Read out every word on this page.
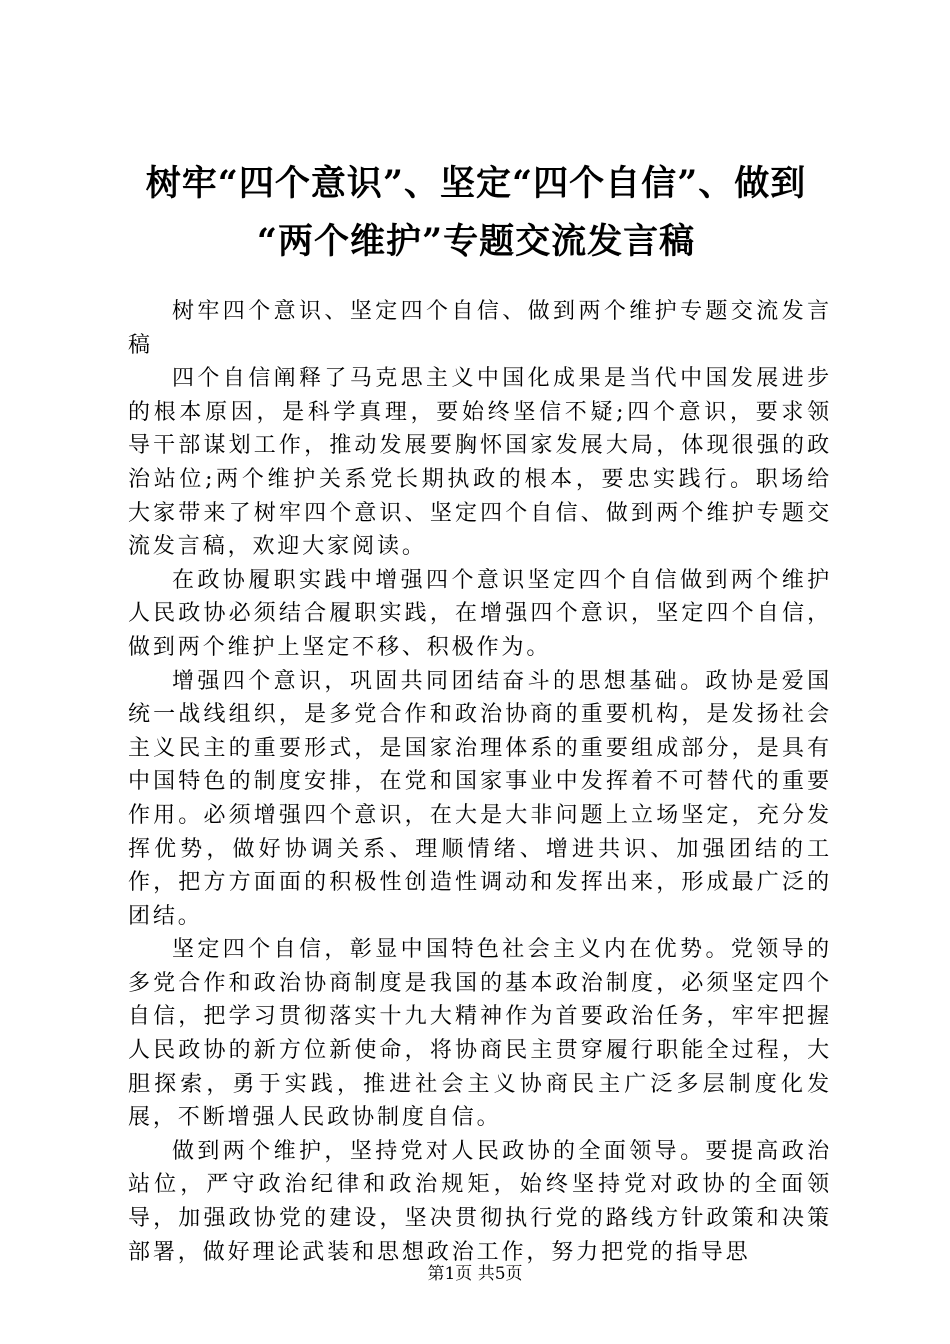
树牢“四个意识”、坚定“四个自信”、做到
“两个维护”专题交流发言稿

树牢四个意识、坚定四个自信、做到两个维护专题交流发言稿

四个自信阐释了马克思主义中国化成果是当代中国发展进步的根本原因，是科学真理，要始终坚信不疑;四个意识，要求领导干部谋划工作，推动发展要胸怀国家发展大局，体现很强的政治站位;两个维护关系党长期执政的根本，要忠实践行。职场给大家带来了树牢四个意识、坚定四个自信、做到两个维护专题交流发言稿，欢迎大家阅读。

在政协履职实践中增强四个意识坚定四个自信做到两个维护人民政协必须结合履职实践，在增强四个意识，坚定四个自信，做到两个维护上坚定不移、积极作为。

增强四个意识，巩固共同团结奋斗的思想基础。政协是爱国统一战线组织，是多党合作和政治协商的重要机构，是发扬社会主义民主的重要形式，是国家治理体系的重要组成部分，是具有中国特色的制度安排，在党和国家事业中发挥着不可替代的重要作用。必须增强四个意识，在大是大非问题上立场坚定，充分发挥优势，做好协调关系、理顺情绪、增进共识、加强团结的工作，把方方面面的积极性创造性调动和发挥出来，形成最广泛的团结。

坚定四个自信，彰显中国特色社会主义内在优势。党领导的多党合作和政治协商制度是我国的基本政治制度，必须坚定四个自信，把学习贯彻落实十九大精神作为首要政治任务，牢牢把握人民政协的新方位新使命，将协商民主贯穿履行职能全过程，大胆探索，勇于实践，推进社会主义协商民主广泛多层制度化发展，不断增强人民政协制度自信。

做到两个维护，坚持党对人民政协的全面领导。要提高政治站位，严守政治纪律和政治规矩，始终坚持党对政协的全面领导，加强政协党的建设，坚决贯彻执行党的路线方针政策和决策部署，做好理论武装和思想政治工作，努力把党的指导思

第1页 共5页
